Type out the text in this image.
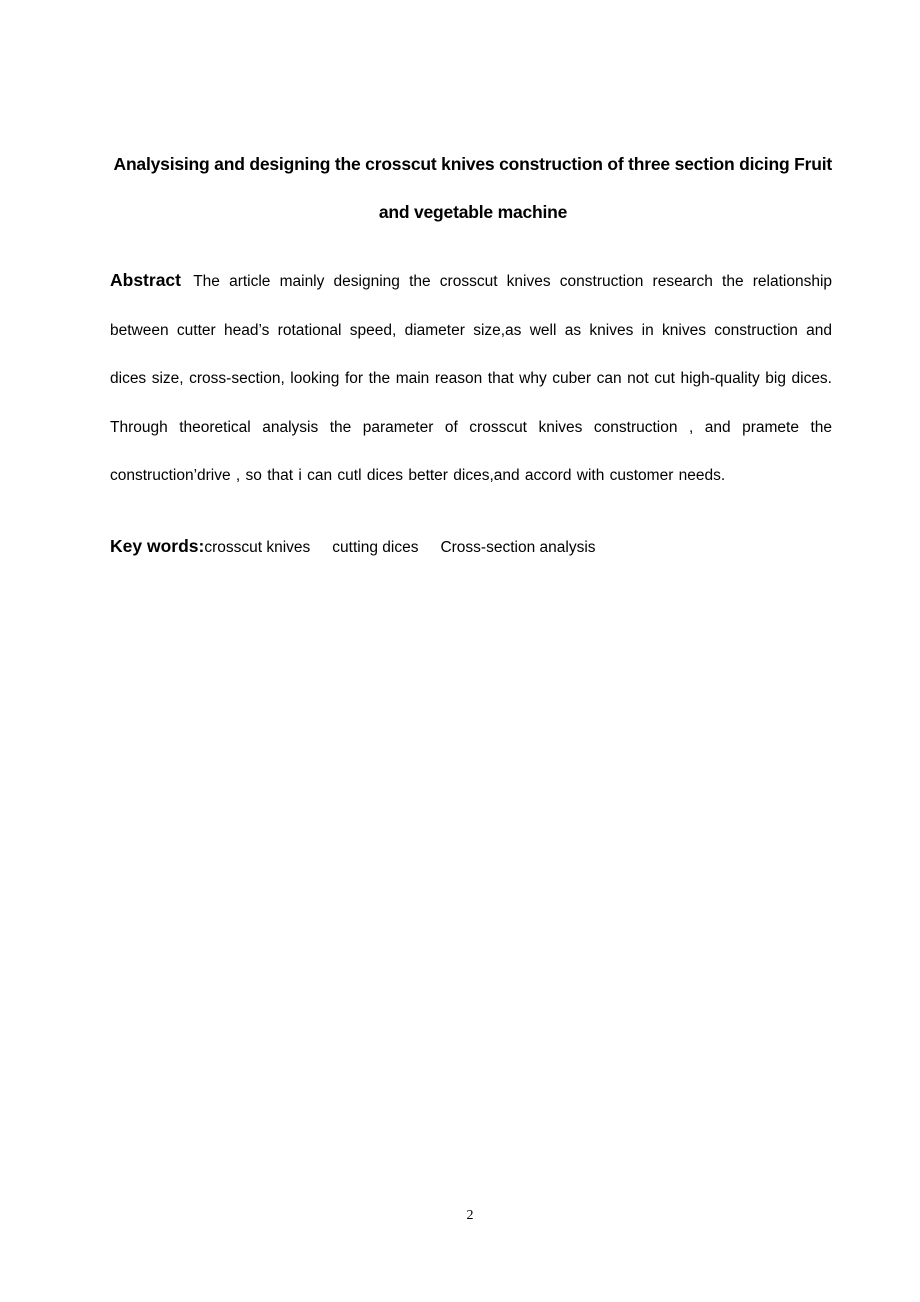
Analysising and designing the crosscut knives construction of three section dicing Fruit
and vegetable machine
Abstract The article mainly designing the crosscut knives construction research the relationship between cutter head’s rotational speed, diameter size,as well as knives in knives construction and dices size, cross-section, looking for the main reason that why cuber can not cut high-quality big dices. Through theoretical analysis the parameter of crosscut knives construction , and pramete the construction’drive , so that i can cutl dices better dices,and accord with customer needs.
Key words:crosscut knives cutting dices Cross-section analysis
2
